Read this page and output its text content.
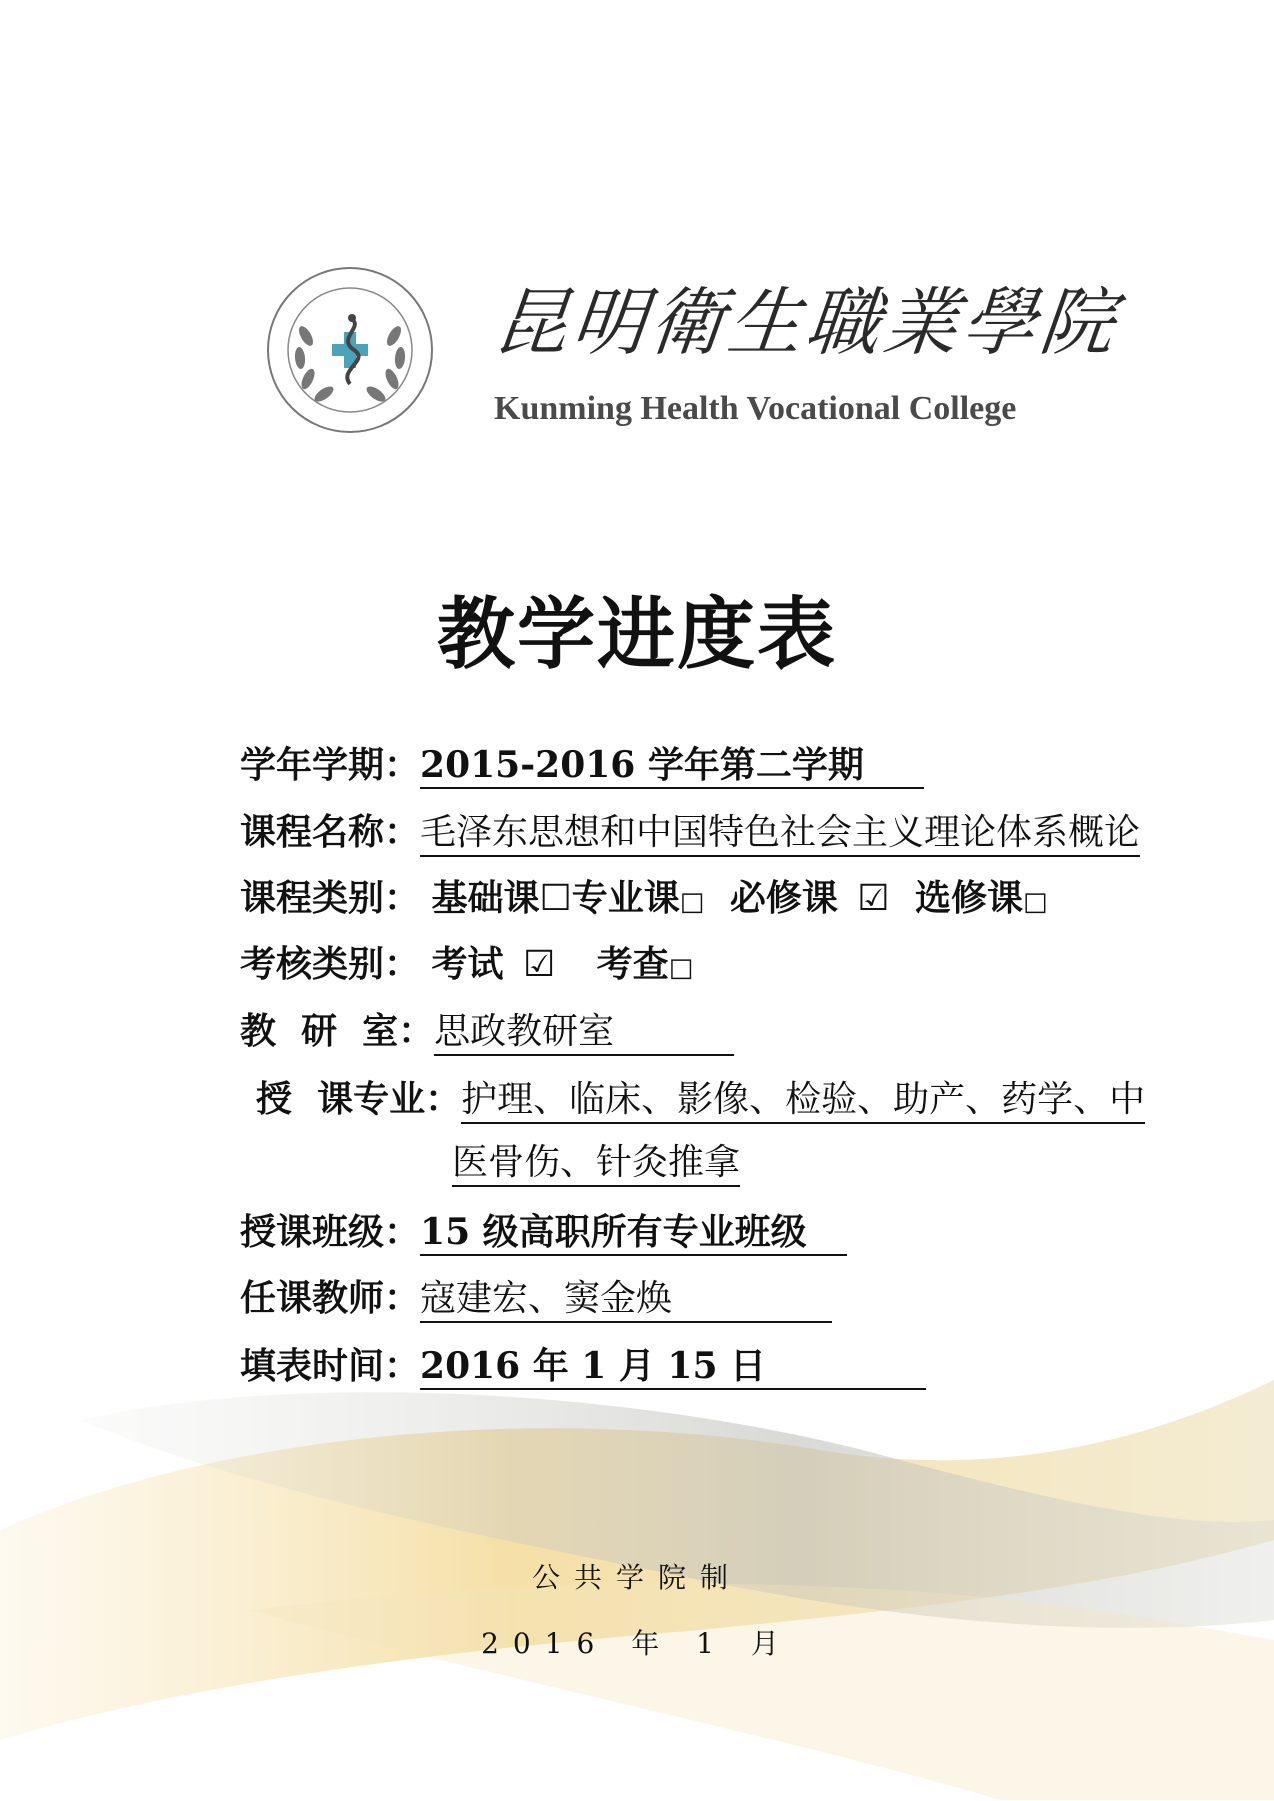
昆明衛生職業學院
Kunming Health Vocational College
教学进度表
学年学期：2015-2016 学年第二学期
课程名称：毛泽东思想和中国特色社会主义理论体系概论
课程类别： 基础课☐专业课□ 必修课 ☑ 选修课□
考核类别： 考试 ☑ 考查□
教  研  室：思政教研室
授  课专业：护理、临床、影像、检验、助产、药学、中
医骨伤、针灸推拿
授课班级：15 级高职所有专业班级
任课教师：寇建宏、窦金焕
填表时间：2016 年 1 月 15 日
公共学院制
2016 年 1 月
